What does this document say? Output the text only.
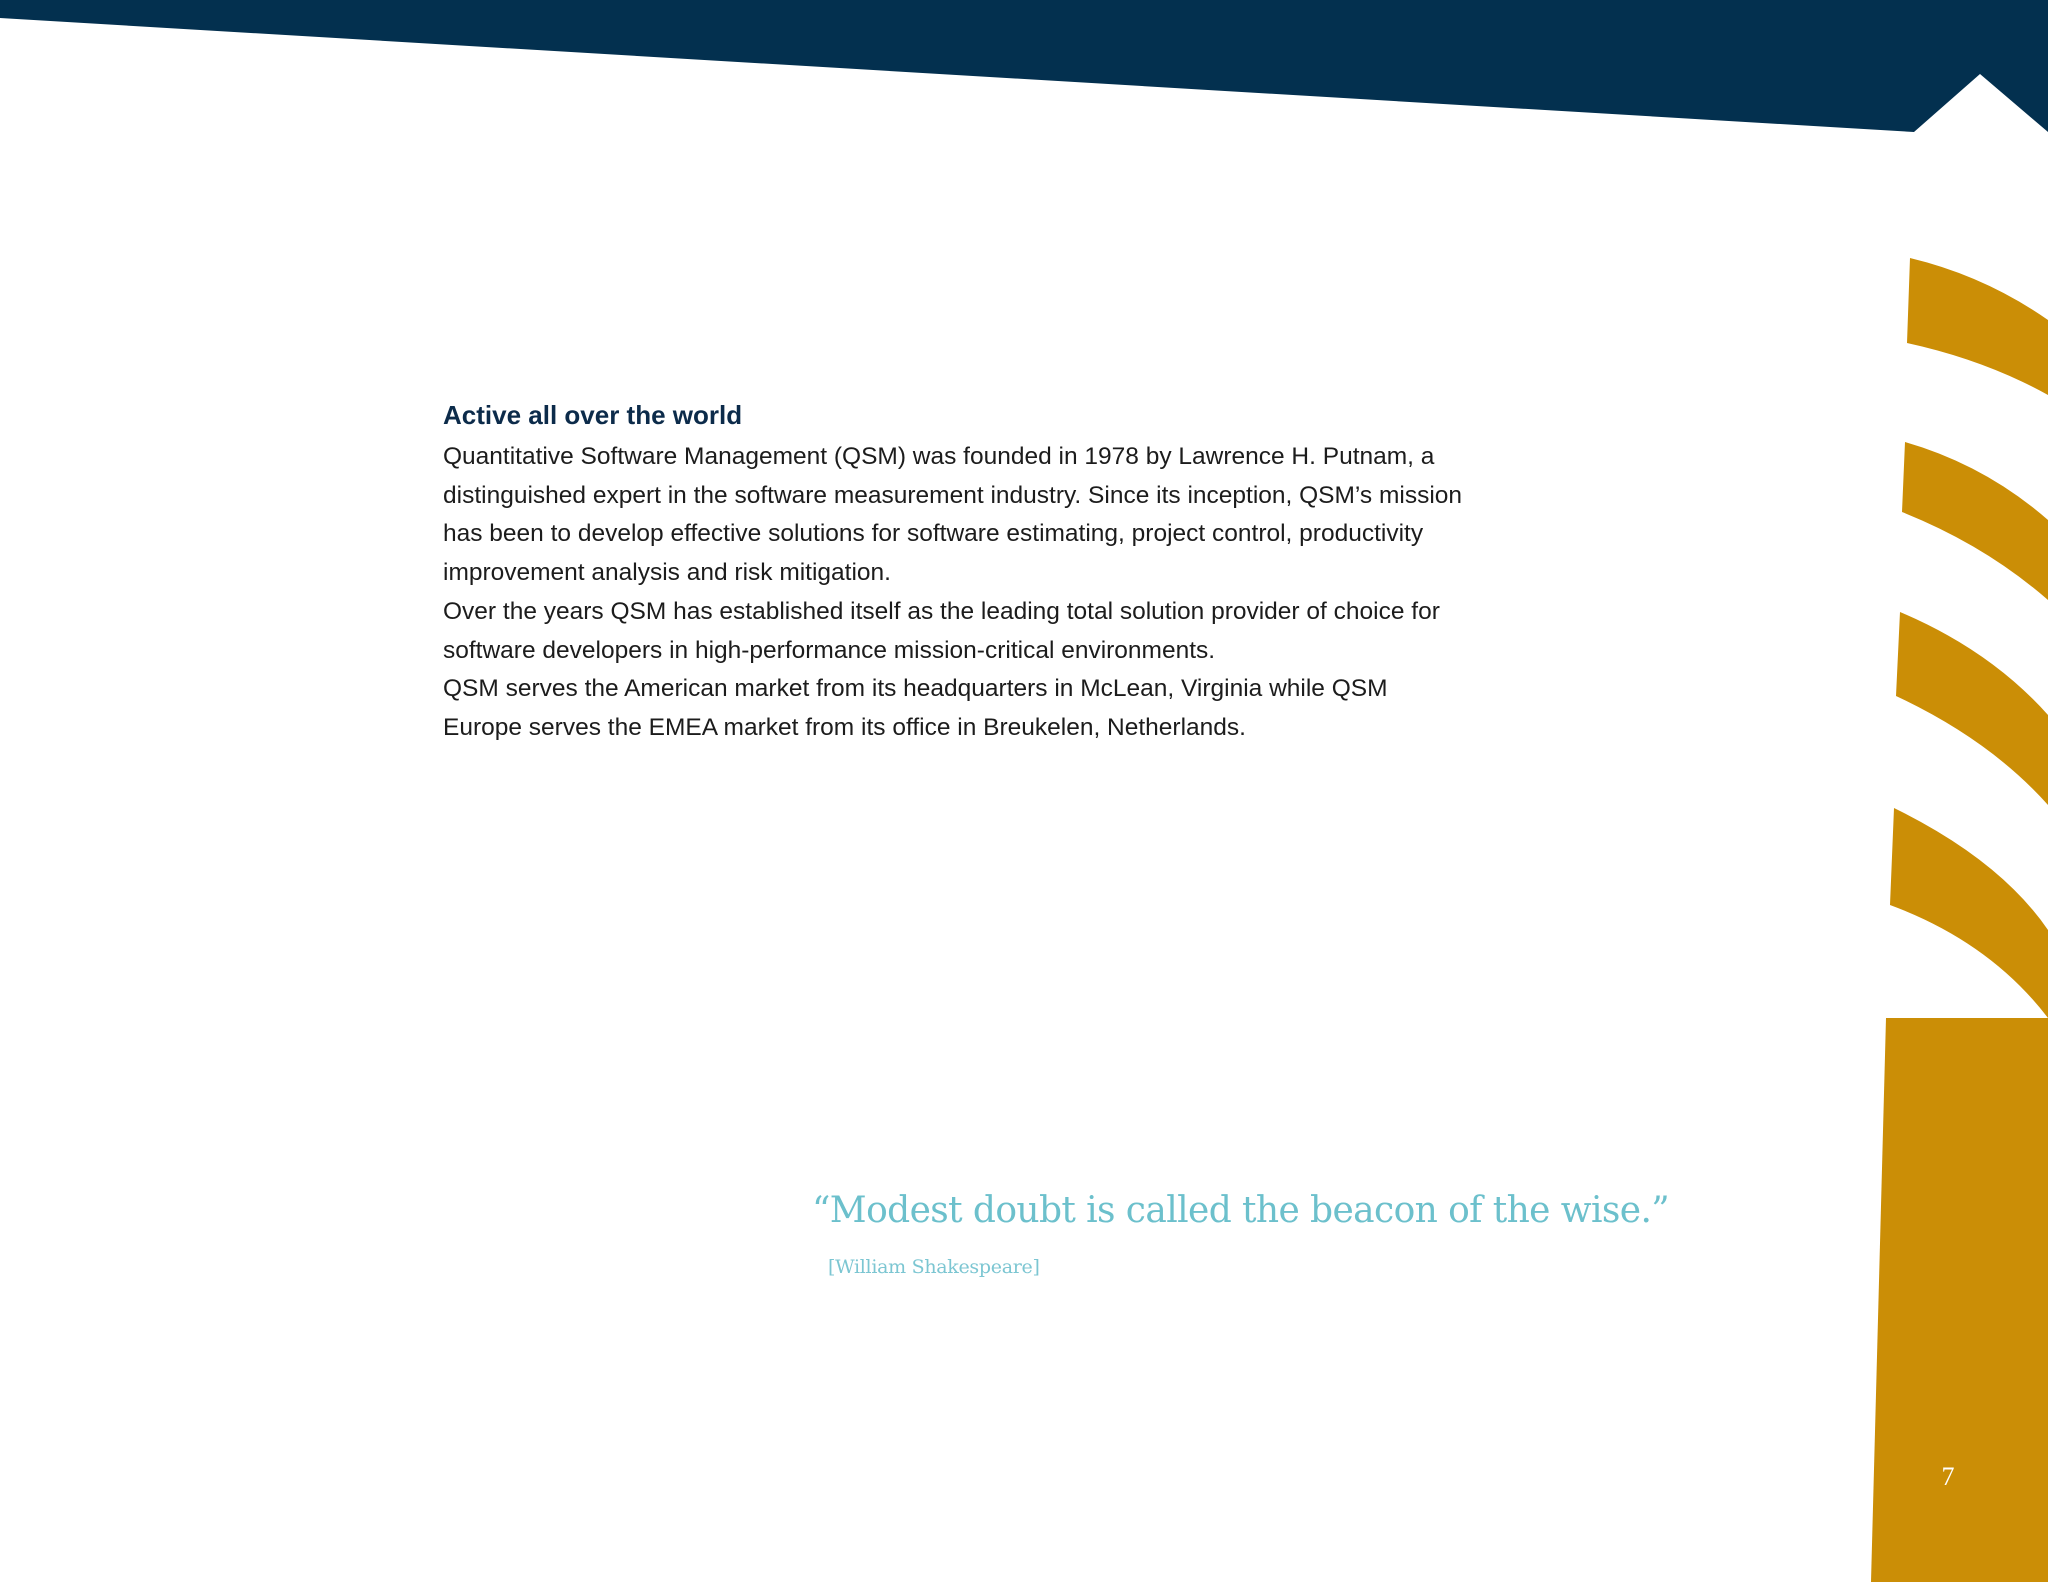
Active all over the world

Quantitative Software Management (QSM) was founded in 1978 by Lawrence H. Putnam, a distinguished expert in the software measurement industry. Since its inception, QSM’s mission has been to develop effective solutions for software estimating, project control, productivity improvement analysis and risk mitigation.

Over the years QSM has established itself as the leading total solution provider of choice for software developers in high-performance mission-critical environments.

QSM serves the American market from its headquarters in McLean, Virginia while QSM Europe serves the EMEA market from its office in Breukelen, Netherlands.

“Modest doubt is called the beacon of the wise.”
[William Shakespeare]
7
